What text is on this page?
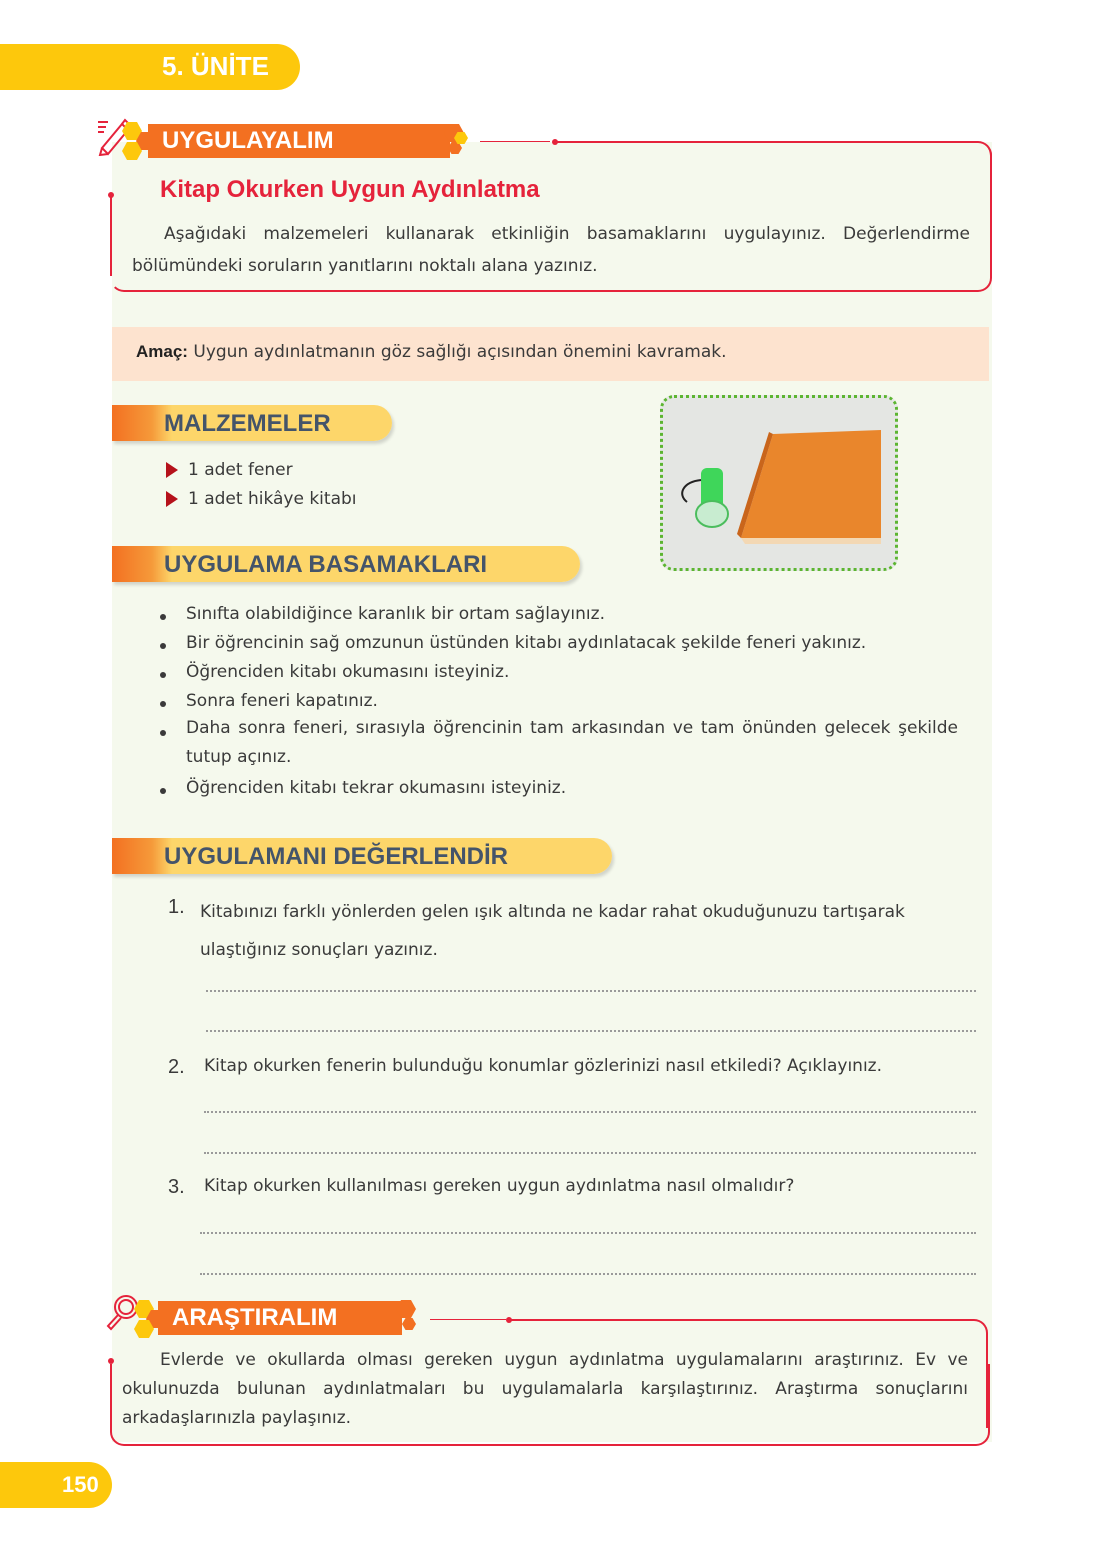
5. ÜNİTE
UYGULAYALIM
Kitap Okurken Uygun Aydınlatma
Aşağıdaki malzemeleri kullanarak etkinliğin basamaklarını uygulayınız. Değerlendirme bölümündeki soruların yanıtlarını noktalı alana yazınız.
Amaç: Uygun aydınlatmanın göz sağlığı açısından önemini kavramak.
MALZEMELER
1 adet fener
1 adet hikâye kitabı
UYGULAMA BASAMAKLARI
Sınıfta olabildiğince karanlık bir ortam sağlayınız.
Bir öğrencinin sağ omzunun üstünden kitabı aydınlatacak şekilde feneri yakınız.
Öğrenciden kitabı okumasını isteyiniz.
Sonra feneri kapatınız.
Daha sonra feneri, sırasıyla öğrencinin tam arkasından ve tam önünden gelecek şekilde tutup açınız.
Öğrenciden kitabı tekrar okumasını isteyiniz.
UYGULAMANI DEĞERLENDİR
1. Kitabınızı farklı yönlerden gelen ışık altında ne kadar rahat okuduğunuzu tartışarak ulaştığınız sonuçları yazınız.
2. Kitap okurken fenerin bulunduğu konumlar gözlerinizi nasıl etkiledi? Açıklayınız.
3. Kitap okurken kullanılması gereken uygun aydınlatma nasıl olmalıdır?
ARAŞTIRALIM
Evlerde ve okullarda olması gereken uygun aydınlatma uygulamalarını araştırınız. Ev ve okulunuzda bulunan aydınlatmaları bu uygulamalarla karşılaştırınız. Araştırma sonuçlarını arkadaşlarınızla paylaşınız.
150
